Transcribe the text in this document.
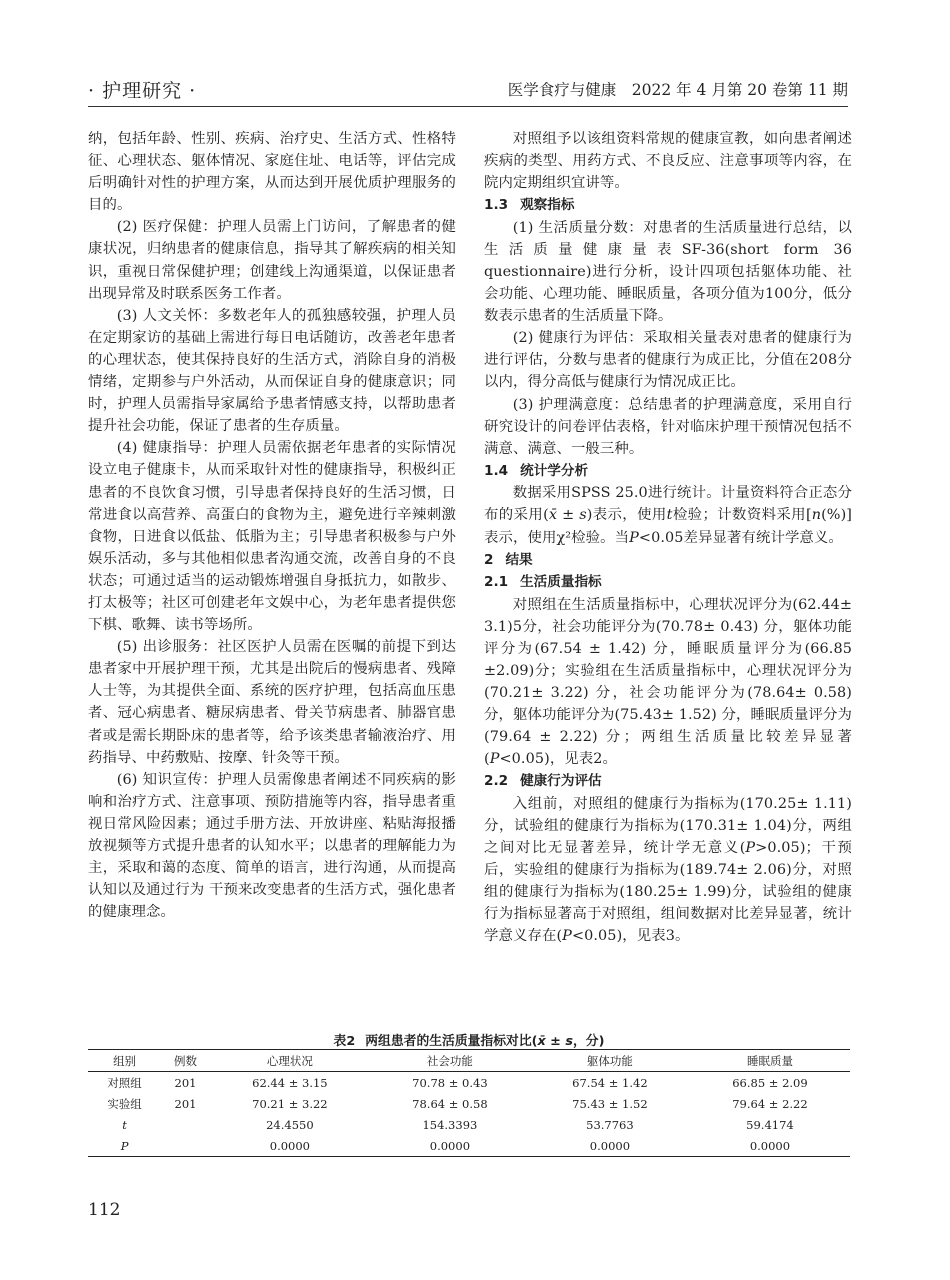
· 护理研究 ·	医学食疗与健康　2022 年 4 月第 20 卷第 11 期

纳，包括年龄、性别、疾病、治疗史、生活方式、性格特征、心理状态、躯体情况、家庭住址、电话等，评估完成后明确针对性的护理方案，从而达到开展优质护理服务的目的。

(2) 医疗保健：护理人员需上门访问，了解患者的健康状况，归纳患者的健康信息，指导其了解疾病的相关知识，重视日常保健护理；创建线上沟通渠道，以保证患者出现异常及时联系医务工作者。

(3) 人文关怀：多数老年人的孤独感较强，护理人员在定期家访的基础上需进行每日电话随访，改善老年患者的心理状态，使其保持良好的生活方式，消除自身的消极情绪，定期参与户外活动，从而保证自身的健康意识；同时，护理人员需指导家属给予患者情感支持，以帮助患者提升社会功能，保证了患者的生存质量。

(4) 健康指导：护理人员需依据老年患者的实际情况设立电子健康卡，从而采取针对性的健康指导，积极纠正患者的不良饮食习惯，引导患者保持良好的生活习惯，日常进食以高营养、高蛋白的食物为主，避免进行辛辣刺激食物，日进食以低盐、低脂为主；引导患者积极参与户外娱乐活动，多与其他相似患者沟通交流，改善自身的不良状态；可通过适当的运动锻炼增强自身抵抗力，如散步、打太极等；社区可创建老年文娱中心，为老年患者提供您下棋、歌舞、读书等场所。

(5) 出诊服务：社区医护人员需在医嘱的前提下到达患者家中开展护理干预，尤其是出院后的慢病患者、残障人士等，为其提供全面、系统的医疗护理，包括高血压患者、冠心病患者、糖尿病患者、骨关节病患者、肺器官患者或是需长期卧床的患者等，给予该类患者输液治疗、用药指导、中药敷贴、按摩、针灸等干预。

(6) 知识宣传：护理人员需像患者阐述不同疾病的影响和治疗方式、注意事项、预防措施等内容，指导患者重视日常风险因素；通过手册方法、开放讲座、粘贴海报播放视频等方式提升患者的认知水平；以患者的理解能力为主，采取和蔼的态度、简单的语言，进行沟通，从而提高认知以及通过行为 干预来改变患者的生活方式，强化患者的健康理念。

对照组予以该组资料常规的健康宣教，如向患者阐述疾病的类型、用药方式、不良反应、注意事项等内容，在院内定期组织宜讲等。

1.3 观察指标

(1) 生活质量分数：对患者的生活质量进行总结，以生活质量健康量表SF-36(short form 36 questionnaire)进行分析，设计四项包括躯体功能、社会功能、心理功能、睡眠质量，各项分值为100分，低分数表示患者的生活质量下降。

(2) 健康行为评估：采取相关量表对患者的健康行为进行评估，分数与患者的健康行为成正比，分值在208分以内，得分高低与健康行为情况成正比。

(3) 护理满意度：总结患者的护理满意度，采用自行研究设计的问卷评估表格，针对临床护理干预情况包括不满意、满意、一般三种。

1.4 统计学分析

数据采用SPSS 25.0进行统计。计量资料符合正态分布的采用(x̄ ± s)表示，使用t检验；计数资料采用[n(%)]表示，使用χ²检验。当P<0.05差异显著有统计学意义。

2 结果
2.1 生活质量指标

对照组在生活质量指标中，心理状况评分为(62.44± 3.1)5分，社会功能评分为(70.78± 0.43) 分，躯体功能评分为(67.54 ± 1.42) 分，睡眠质量评分为(66.85 ±2.09)分；实验组在生活质量指标中，心理状况评分为(70.21± 3.22) 分，社会功能评分为(78.64± 0.58) 分，躯体功能评分为(75.43± 1.52) 分，睡眠质量评分为(79.64 ± 2.22) 分；两组生活质量比较差异显著(P<0.05)，见表2。

2.2 健康行为评估

入组前，对照组的健康行为指标为(170.25± 1.11)分，试验组的健康行为指标为(170.31± 1.04)分，两组之间对比无显著差异，统计学无意义(P>0.05)；干预后，实验组的健康行为指标为(189.74± 2.06)分，对照组的健康行为指标为(180.25± 1.99)分，试验组的健康行为指标显著高于对照组，组间数据对比差异显著，统计学意义存在(P<0.05)，见表3。

表2 两组患者的生活质量指标对比(x̄ ± s，分)
组别	例数	心理状况	社会功能	躯体功能	睡眠质量
对照组	201	62.44 ± 3.15	70.78 ± 0.43	67.54 ± 1.42	66.85 ± 2.09
实验组	201	70.21 ± 3.22	78.64 ± 0.58	75.43 ± 1.52	79.64 ± 2.22
t		24.4550	154.3393	53.7763	59.4174
P		0.0000	0.0000	0.0000	0.0000
112
